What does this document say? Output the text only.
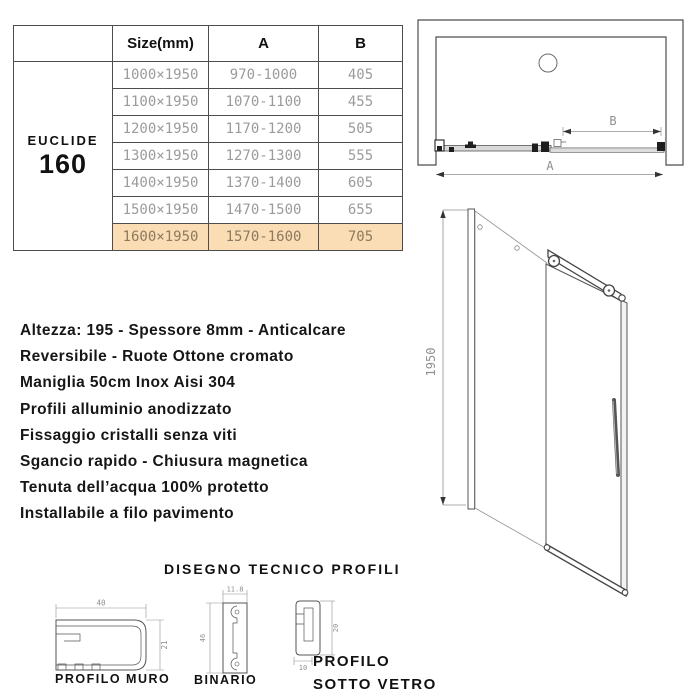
	Size(mm)	A	B

EUCLIDE
160	1000×1950	970-1000	405
	1100×1950	1070-1100	455
	1200×1950	1170-1200	505
	1300×1950	1270-1300	555
	1400×1950	1370-1400	605
	1500×1950	1470-1500	655
	1600×1950	1570-1600	705
B
A
Altezza: 195 - Spessore 8mm - Anticalcare
Reversibile - Ruote Ottone cromato
Maniglia 50cm Inox Aisi 304
Profili alluminio anodizzato
Fissaggio cristalli senza viti
Sgancio rapido - Chiusura magnetica
Tenuta dell’acqua 100% protetto
Installabile a filo pavimento
1950
DISEGNO TECNICO PROFILI
40
21
PROFILO MURO
11.8
46
BINARIO
20
10 PROFILO
SOTTO VETRO
